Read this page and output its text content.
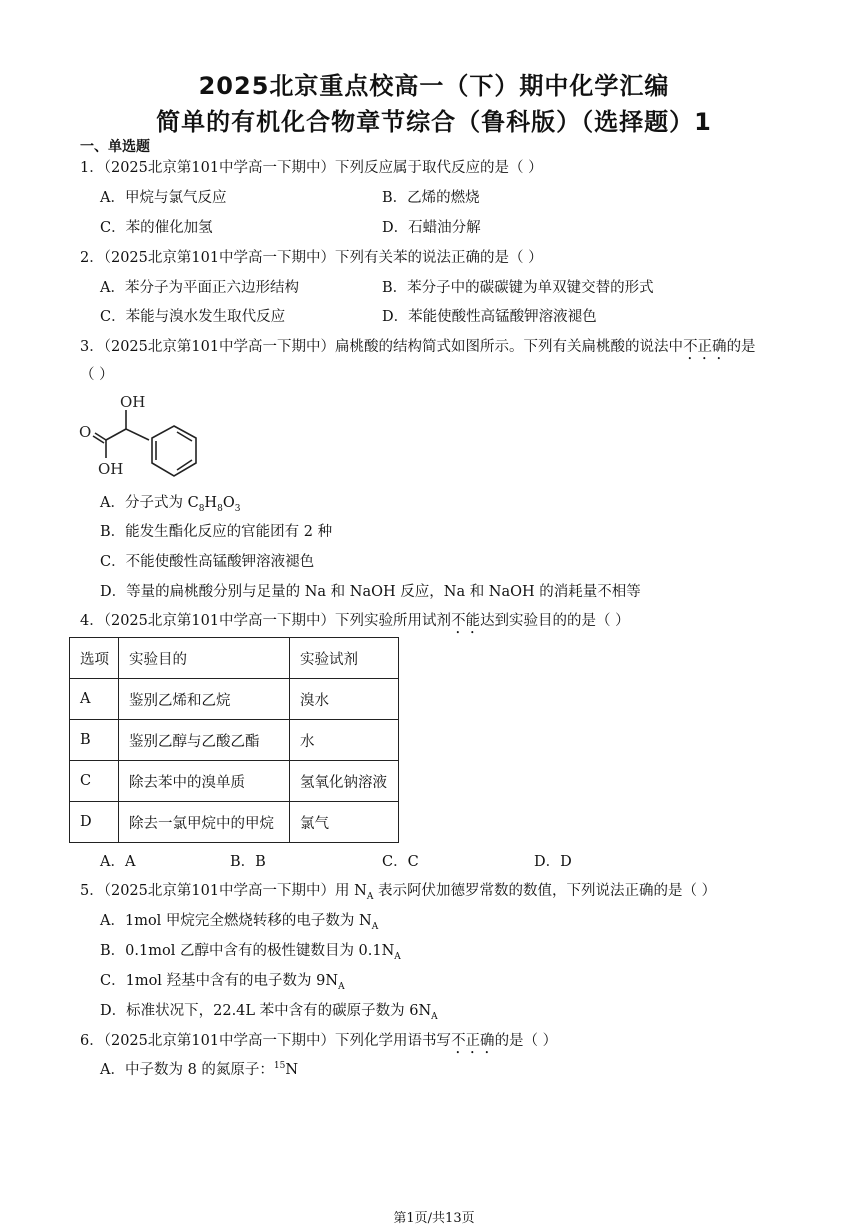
2025北京重点校高一（下）期中化学汇编
简单的有机化合物章节综合（鲁科版）（选择题）1
一、单选题
1．（2025北京第101中学高一下期中）下列反应属于取代反应的是（ ）
A．甲烷与氯气反应	B．乙烯的燃烧
C．苯的催化加氢	D．石蜡油分解
2．（2025北京第101中学高一下期中）下列有关苯的说法正确的是（ ）
A．苯分子为平面正六边形结构	B．苯分子中的碳碳键为单双键交替的形式
C．苯能与溴水发生取代反应	D．苯能使酸性高锰酸钾溶液褪色
3．（2025北京第101中学高一下期中）扁桃酸的结构简式如图所示。下列有关扁桃酸的说法中不正确的是
（ ）
OH
O
OH
A．分子式为 $C_8H_8O_3$
B．能发生酯化反应的官能团有 2 种
C．不能使酸性高锰酸钾溶液褪色
D．等量的扁桃酸分别与足量的 Na 和 NaOH 反应，Na 和 NaOH 的消耗量不相等
4．（2025北京第101中学高一下期中）下列实验所用试剂不能达到实验目的的是（ ）
选项	实验目的	实验试剂
A	鉴别乙烯和乙烷	溴水
B	鉴别乙醇与乙酸乙酯	水
C	除去苯中的溴单质	氢氧化钠溶液
D	除去一氯甲烷中的甲烷	氯气
A．A	B．B	C．C	D．D
5．（2025北京第101中学高一下期中）用 $N_A$ 表示阿伏加德罗常数的数值，下列说法正确的是（ ）
A．1mol 甲烷完全燃烧转移的电子数为 $N_A$
B．0.1mol 乙醇中含有的极性键数目为 $0.1N_A$
C．1mol 羟基中含有的电子数为 $9N_A$
D．标准状况下，22.4L 苯中含有的碳原子数为 $6N_A$
6．（2025北京第101中学高一下期中）下列化学用语书写不正确的是（ ）
A．中子数为 8 的氮原子：$^{15}$N
第1页/共13页
